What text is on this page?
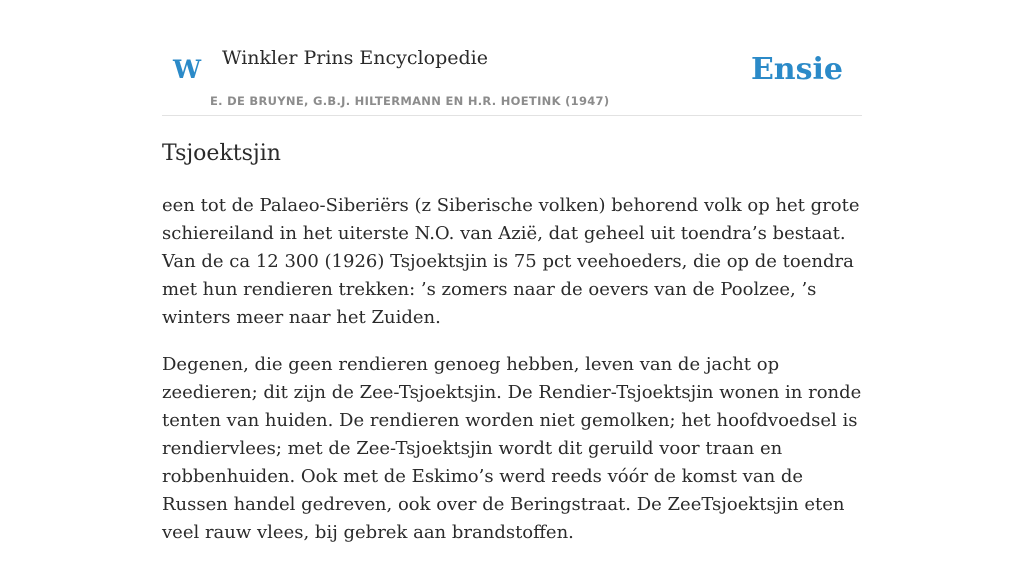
W Winkler Prins Encyclopedie
E. DE BRUYNE, G.B.J. HILTERMANN EN H.R. HOETINK (1947)
Ensie
Tsjoektsjin

een tot de Palaeo-Siberiërs (z Siberische volken) behorend volk op het grote schiereiland in het uiterste N.O. van Azië, dat geheel uit toendra’s bestaat. Van de ca 12 300 (1926) Tsjoektsjin is 75 pct veehoeders, die op de toendra met hun rendieren trekken: ’s zomers naar de oevers van de Poolzee, ’s winters meer naar het Zuiden.

Degenen, die geen rendieren genoeg hebben, leven van de jacht op zeedieren; dit zijn de Zee-Tsjoektsjin. De Rendier-Tsjoektsjin wonen in ronde tenten van huiden. De rendieren worden niet gemolken; het hoofdvoedsel is rendiervlees; met de Zee-Tsjoektsjin wordt dit geruild voor traan en robbenhuiden. Ook met de Eskimo’s werd reeds vóór de komst van de Russen handel gedreven, ook over de Beringstraat. De ZeeTsjoektsjin eten veel rauw vlees, bij gebrek aan brandstoffen.
